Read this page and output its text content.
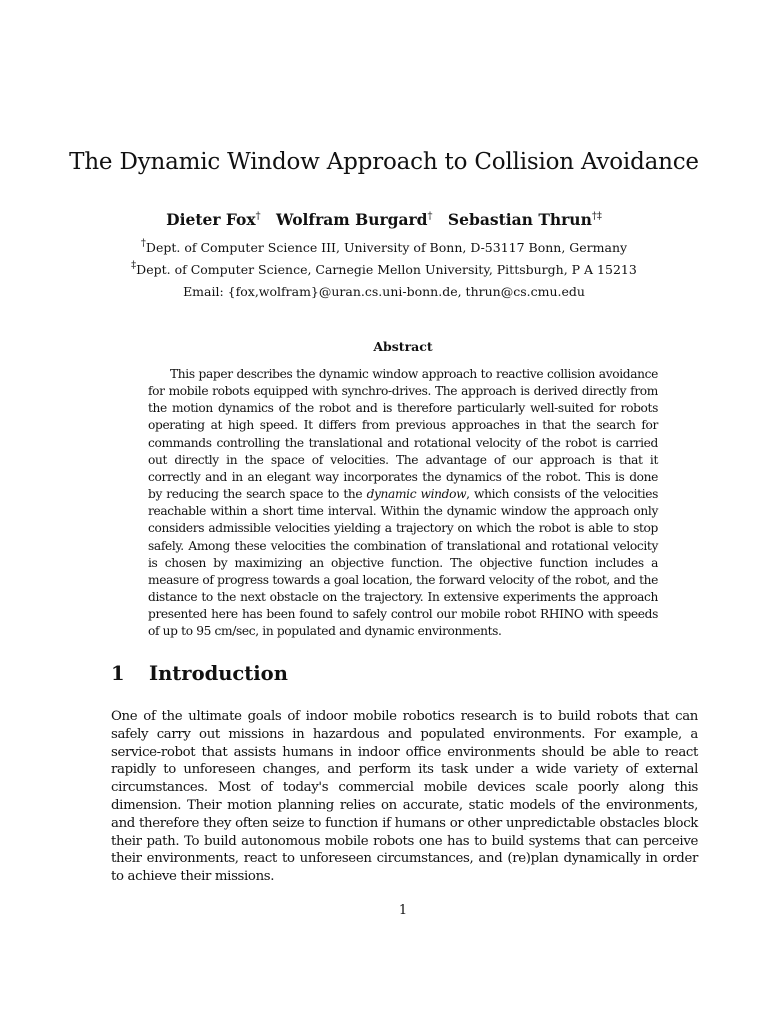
The Dynamic Window Approach to Collision Avoidance
Dieter Fox† Wolfram Burgard† Sebastian Thrun†‡
†Dept. of Computer Science III, University of Bonn, D-53117 Bonn, Germany
‡Dept. of Computer Science, Carnegie Mellon University, Pittsburgh, P A 15213
Email: {fox,wolfram}@uran.cs.uni-bonn.de, thrun@cs.cmu.edu
Abstract

This paper describes the dynamic window approach to reactive collision avoidance for mobile robots equipped with synchro-drives. The approach is derived directly from the motion dynamics of the robot and is therefore particularly well-suited for robots operating at high speed. It differs from previous approaches in that the search for commands controlling the translational and rotational velocity of the robot is carried out directly in the space of velocities. The advantage of our approach is that it correctly and in an elegant way incorporates the dynamics of the robot. This is done by reducing the search space to the dynamic window, which consists of the velocities reachable within a short time interval. Within the dynamic window the approach only considers admissible velocities yielding a trajectory on which the robot is able to stop safely. Among these velocities the combination of translational and rotational velocity is chosen by maximizing an objective function. The objective function includes a measure of progress towards a goal location, the forward velocity of the robot, and the distance to the next obstacle on the trajectory. In extensive experiments the approach presented here has been found to safely control our mobile robot RHINO with speeds of up to 95 cm/sec, in populated and dynamic environments.

1 Introduction

One of the ultimate goals of indoor mobile robotics research is to build robots that can safely carry out missions in hazardous and populated environments. For example, a service-robot that assists humans in indoor office environments should be able to react rapidly to unforeseen changes, and perform its task under a wide variety of external circumstances. Most of today's commercial mobile devices scale poorly along this dimension. Their motion planning relies on accurate, static models of the environments, and therefore they often seize to function if humans or other unpredictable obstacles block their path. To build autonomous mobile robots one has to build systems that can perceive their environments, react to unforeseen circumstances, and (re)plan dynamically in order to achieve their missions.

1
